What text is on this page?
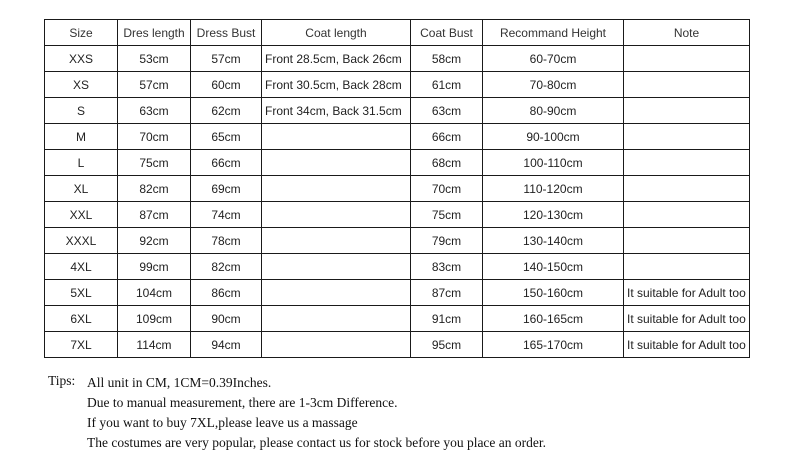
Size	Dres length	Dress Bust	Coat length	Coat Bust	Recommand Height	Note
XXS	53cm	57cm	Front 28.5cm, Back 26cm	58cm	60-70cm	
XS	57cm	60cm	Front 30.5cm, Back 28cm	61cm	70-80cm	
S	63cm	62cm	Front 34cm, Back 31.5cm	63cm	80-90cm	
M	70cm	65cm		66cm	90-100cm	
L	75cm	66cm		68cm	100-110cm	
XL	82cm	69cm		70cm	110-120cm	
XXL	87cm	74cm		75cm	120-130cm	
XXXL	92cm	78cm		79cm	130-140cm	
4XL	99cm	82cm		83cm	140-150cm	
5XL	104cm	86cm		87cm	150-160cm	It suitable for Adult too
6XL	109cm	90cm		91cm	160-165cm	It suitable for Adult too
7XL	114cm	94cm		95cm	165-170cm	It suitable for Adult too
Tips: All unit in CM, 1CM=0.39Inches.
Due to manual measurement, there are 1-3cm Difference.
If you want to buy 7XL,please leave us a massage
The costumes are very popular, please contact us for stock before you place an order.
